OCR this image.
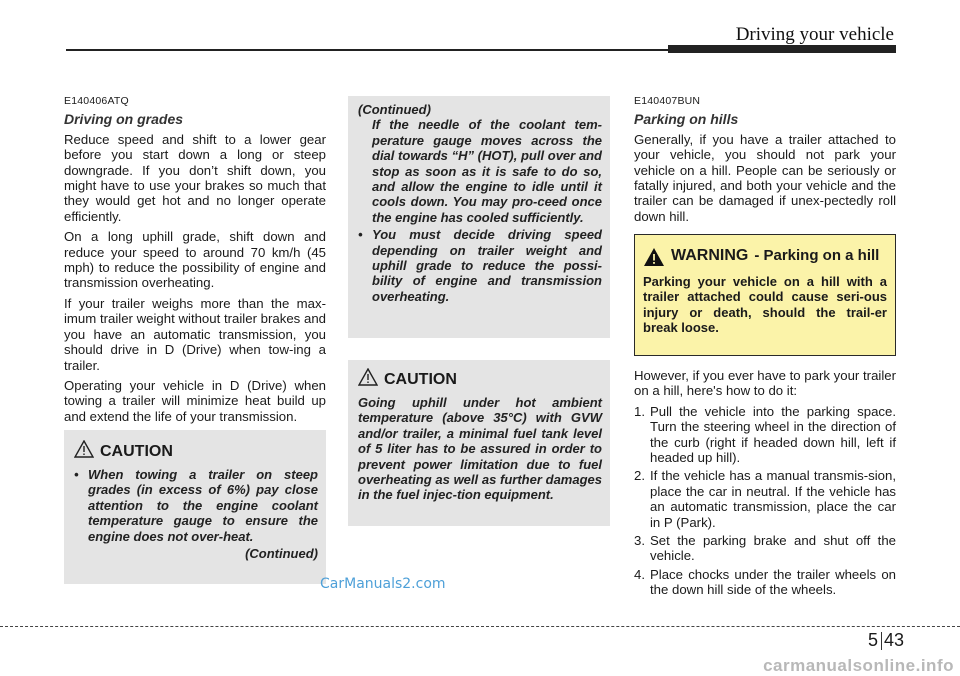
Driving your vehicle
E140406ATQ
Driving on grades

Reduce speed and shift to a lower gear before you start down a long or steep downgrade. If you don’t shift down, you might have to use your brakes so much that they would get hot and no longer operate efficiently.

On a long uphill grade, shift down and reduce your speed to around 70 km/h (45 mph) to reduce the possibility of engine and transmission overheating.

If your trailer weighs more than the max-imum trailer weight without trailer brakes and you have an automatic transmission, you should drive in D (Drive) when tow-ing a trailer.

Operating your vehicle in D (Drive) when towing a trailer will minimize heat build up and extend the life of your transmission.

CAUTION
• When towing a trailer on steep grades (in excess of 6%) pay close attention to the engine coolant temperature gauge to ensure the engine does not over-heat.
(Continued)
(Continued)
If the needle of the coolant tem-perature gauge moves across the dial towards “H” (HOT), pull over and stop as soon as it is safe to do so, and allow the engine to idle until it cools down. You may pro-ceed once the engine has cooled sufficiently.
• You must decide driving speed depending on trailer weight and uphill grade to reduce the possi-bility of engine and transmission overheating.
CAUTION
Going uphill under hot ambient temperature (above 35°C) with GVW and/or trailer, a minimal fuel tank level of 5 liter has to be assured in order to prevent power limitation due to fuel overheating as well as further damages in the fuel injec-tion equipment.
E140407BUN
Parking on hills

Generally, if you have a trailer attached to your vehicle, you should not park your vehicle on a hill. People can be seriously or fatally injured, and both your vehicle and the trailer can be damaged if unex-pectedly roll down hill.

WARNING - Parking on a hill
Parking your vehicle on a hill with a trailer attached could cause seri-ous injury or death, should the trail-er break loose.

However, if you ever have to park your trailer on a hill, here's how to do it:

1. Pull the vehicle into the parking space. Turn the steering wheel in the direction of the curb (right if headed down hill, left if headed up hill).
2. If the vehicle has a manual transmis-sion, place the car in neutral. If the vehicle has an automatic transmission, place the car in P (Park).
3. Set the parking brake and shut off the vehicle.
4. Place chocks under the trailer wheels on the down hill side of the wheels.
CarManuals2.com
5 43
carmanualsonline.info
